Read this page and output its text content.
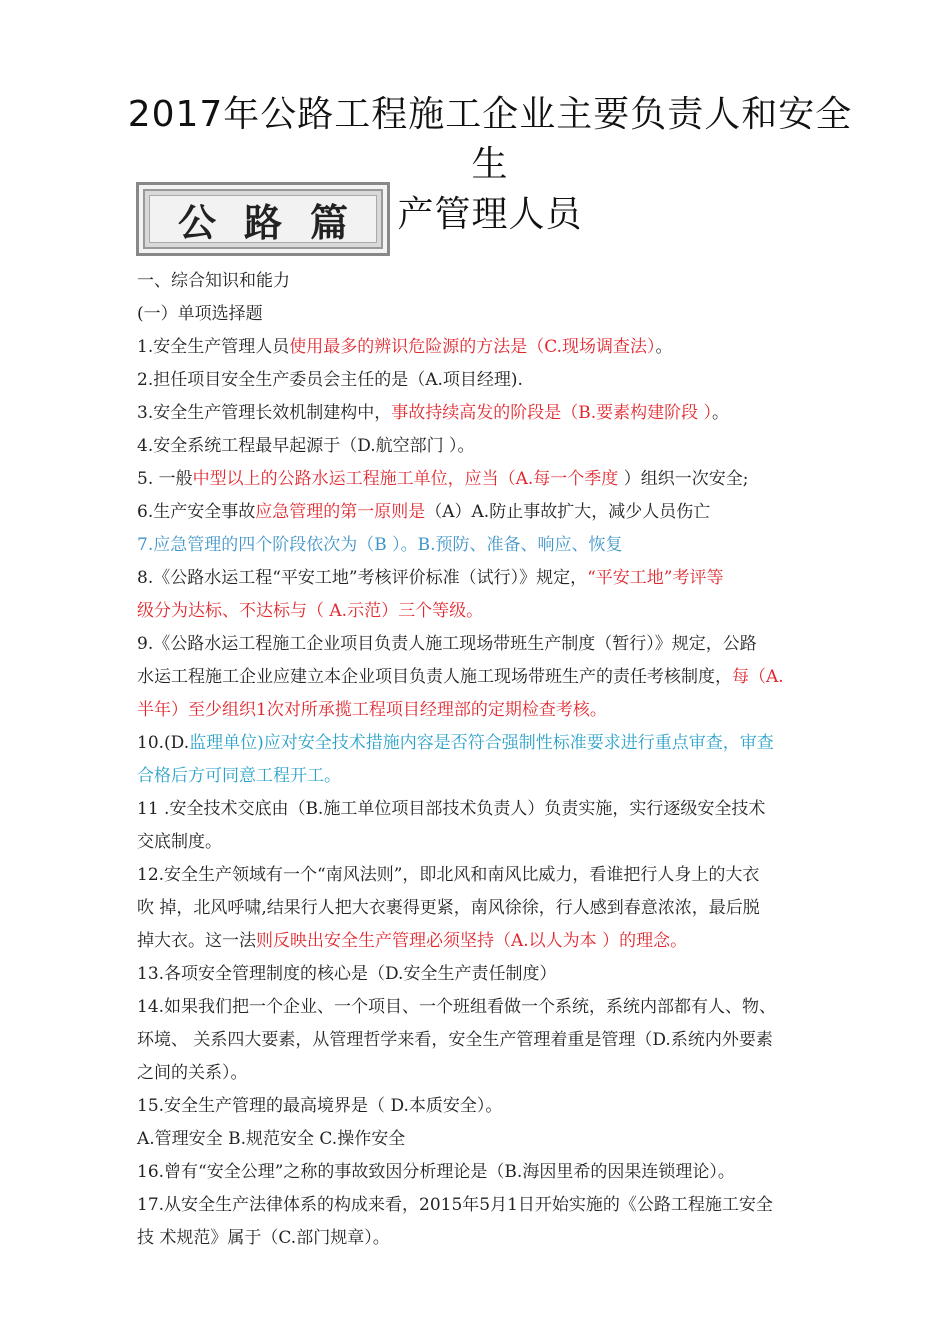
2017年公路工程施工企业主要负责人和安全生
产管理人员
公路篇
一、综合知识和能力
(一）单项选择题
1.安全生产管理人员使用最多的辨识危险源的方法是（C.现场调查法）。
2.担任项目安全生产委员会主任的是（A.项目经理).
3.安全生产管理长效机制建构中，事故持续高发的阶段是（B.要素构建阶段 ）。
4.安全系统工程最早起源于（D.航空部门 ）。
5. 一般中型以上的公路水运工程施工单位，应当（A.每一个季度 ）组织一次安全;
6.生产安全事故应急管理的第一原则是（A）A.防止事故扩大，减少人员伤亡
7.应急管理的四个阶段依次为（B ）。B.预防、准备、响应、恢复
8.《公路水运工程“平安工地”考核评价标准（试行）》规定，“平安工地”考评等
级分为达标、不达标与（ A.示范）三个等级。
9.《公路水运工程施工企业项目负责人施工现场带班生产制度（暂行）》规定，公路
水运工程施工企业应建立本企业项目负责人施工现场带班生产的责任考核制度，每（A.
半年）至少组织1次对所承揽工程项目经理部的定期检查考核。
10.(D.监理单位)应对安全技术措施内容是否符合强制性标准要求进行重点审查，审查
合格后方可同意工程开工。
11 .安全技术交底由（B.施工单位项目部技术负责人）负责实施，实行逐级安全技术
交底制度。
12.安全生产领域有一个“南风法则”，即北风和南风比威力，看谁把行人身上的大衣
吹 掉，北风呼啸,结果行人把大衣裹得更紧，南风徐徐，行人感到春意浓浓，最后脱
掉大衣。这一法则反映出安全生产管理必须坚持（A.以人为本 ）的理念。
13.各项安全管理制度的核心是（D.安全生产责任制度）
14.如果我们把一个企业、一个项目、一个班组看做一个系统，系统内部都有人、物、
环境、 关系四大要素，从管理哲学来看，安全生产管理着重是管理（D.系统内外要素
之间的关系）。
15.安全生产管理的最高境界是（ D.本质安全）。
A.管理安全 B.规范安全 C.操作安全
16.曾有“安全公理”之称的事故致因分析理论是（B.海因里希的因果连锁理论）。
17.从安全生产法律体系的构成来看，2015年5月1日开始实施的《公路工程施工安全
技 术规范》属于（C.部门规章）。
